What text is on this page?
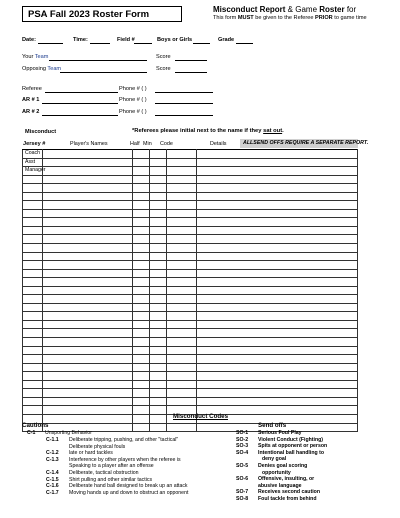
PSA Fall 2023 Roster Form	Misconduct Report & Game Roster for
This form MUST be given to the Referee PRIOR to game time
Date:	Time:	Field #	Boys or Girls	Grade
Your Team	Score
Opposing Team	Score
Referee	Phone # ( )
AR # 1	Phone # ( )
AR # 2	Phone # ( )
Misconduct	*Referees please initial next to the name if they sat out.
Jersey #	Player's Names	Half Min Code	Details	ALLSEND OFFS REQUIRE A SEPARATE REPORT.
Coach					
Asst					
Manager					

Misconduct Codes
Cautions	Send offs
C-1 Unsporting Behavior
C-1.1 Deliberate tripping, pushing, and other "tactical"
Deliberate physical fouls
C-1.2 late or hard tackles
C-1.3 Interference by other players when the referee is
Speaking to a player after an offense
C-1.4 Deliberate, tactical obstruction
C-1.5 Shirt pulling and other similar tactics
C-1.6 Deliberate hand ball designed to break up an attack
C-1.7 Moving hands up and down to obstruct an opponent
SO-1 Serious Foul Play
SO-2 Violent Conduct (Fighting)
SO-3 Spits at opponent or person
SO-4 Intentional ball handling to
deny goal
SO-5 Denies goal scoring
opportunity
SO-6 Offensive, insulting, or
abusive language
SO-7 Receives second caution
SO-8 Foul tackle from behind
